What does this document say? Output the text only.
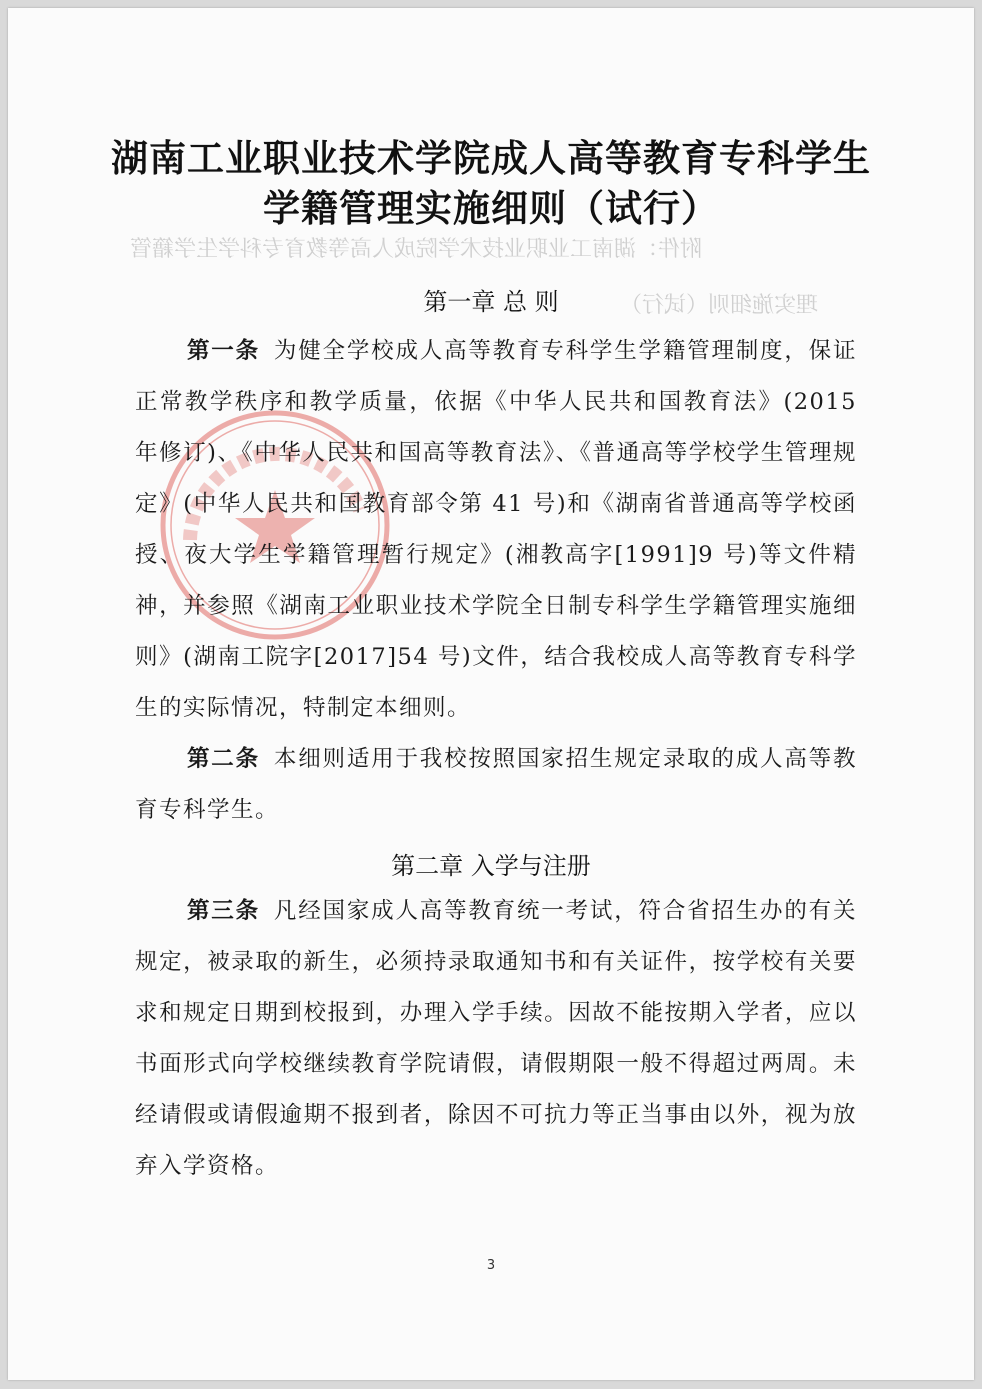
湖南工业职业技术学院成人高等教育专科学生
学籍管理实施细则（试行）
附件：湖南工业职业技术学院成人高等教育专科学生学籍管
理实施细则（试行）
第一章 总 则
第一条 为健全学校成人高等教育专科学生学籍管理制度，保证正常教学秩序和教学质量，依据《中华人民共和国教育法》(2015 年修订)、《中华人民共和国高等教育法》、《普通高等学校学生管理规定》(中华人民共和国教育部令第 41 号)和《湖南省普通高等学校函授、夜大学生学籍管理暂行规定》(湘教高字[1991]9 号)等文件精神，并参照《湖南工业职业技术学院全日制专科学生学籍管理实施细则》(湖南工院字[2017]54 号)文件，结合我校成人高等教育专科学生的实际情况，特制定本细则。
第二条 本细则适用于我校按照国家招生规定录取的成人高等教育专科学生。
第二章 入学与注册
第三条 凡经国家成人高等教育统一考试，符合省招生办的有关规定，被录取的新生，必须持录取通知书和有关证件，按学校有关要求和规定日期到校报到，办理入学手续。因故不能按期入学者，应以书面形式向学校继续教育学院请假，请假期限一般不得超过两周。未经请假或请假逾期不报到者，除因不可抗力等正当事由以外，视为放弃入学资格。
3
